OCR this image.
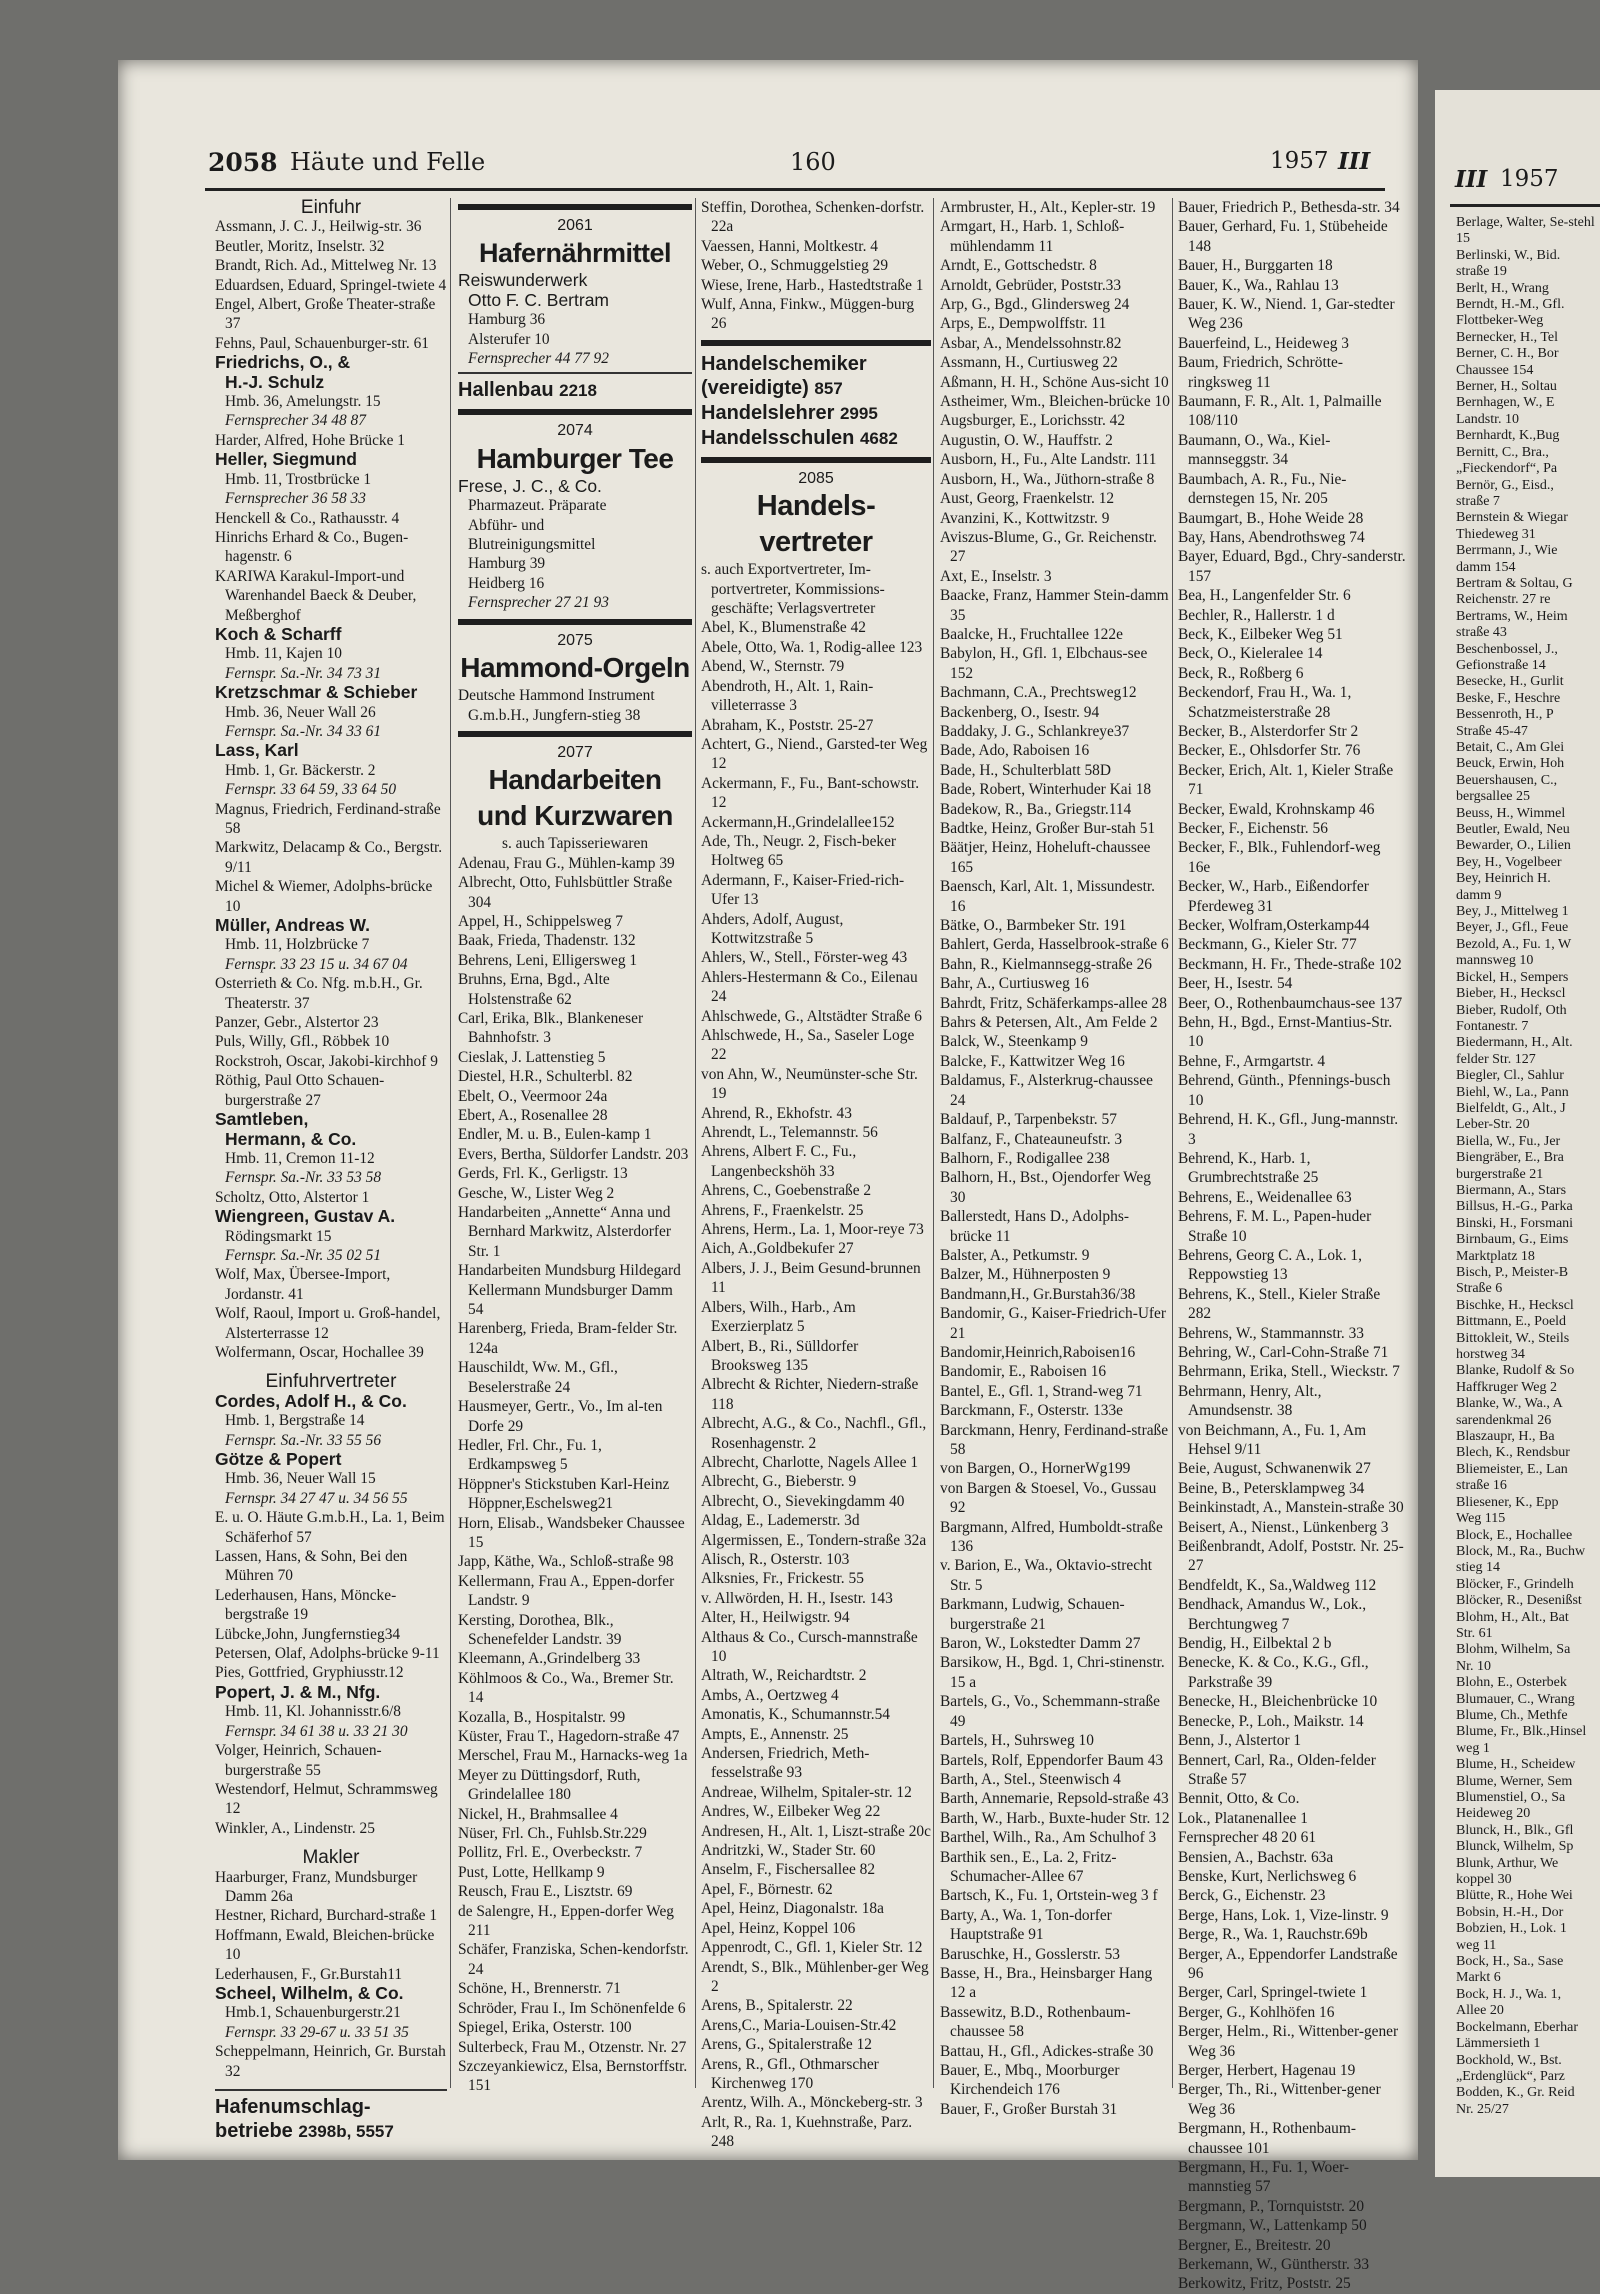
2058 Häute und Felle	160	1957 III
III 1957

Einfuhr

Assmann, J. C. J., Heilwig-str. 36

Beutler, Moritz, Inselstr. 32

Brandt, Rich. Ad., Mittelweg Nr. 13

Eduardsen, Eduard, Springel-twiete 4

Engel, Albert, Große Theater-straße 37

Fehns, Paul, Schauenburger-str. 61

Friedrichs, O., &

H.-J. Schulz

Hmb. 36, Amelungstr. 15

Fernsprecher 34 48 87

Harder, Alfred, Hohe Brücke 1

Heller, Siegmund

Hmb. 11, Trostbrücke 1

Fernsprecher 36 58 33

Henckell & Co., Rathausstr. 4

Hinrichs Erhard & Co., Bugen-hagenstr. 6

KARIWA Karakul-Import-und Warenhandel Baeck & Deuber, Meßberghof

Koch & Scharff

Hmb. 11, Kajen 10

Fernspr. Sa.-Nr. 34 73 31

Kretzschmar & Schieber

Hmb. 36, Neuer Wall 26

Fernspr. Sa.-Nr. 34 33 61

Lass, Karl

Hmb. 1, Gr. Bäckerstr. 2

Fernspr. 33 64 59, 33 64 50

Magnus, Friedrich, Ferdinand-straße 58

Markwitz, Delacamp & Co., Bergstr. 9/11

Michel & Wiemer, Adolphs-brücke 10

Müller, Andreas W.

Hmb. 11, Holzbrücke 7

Fernspr. 33 23 15 u. 34 67 04

Osterrieth & Co. Nfg. m.b.H., Gr. Theaterstr. 37

Panzer, Gebr., Alstertor 23

Puls, Willy, Gfl., Röbbek 10

Rockstroh, Oscar, Jakobi-kirchhof 9

Röthig, Paul Otto Schauen-burgerstraße 27

Samtleben,

Hermann, & Co.

Hmb. 11, Cremon 11-12

Fernspr. Sa.-Nr. 33 53 58

Scholtz, Otto, Alstertor 1

Wiengreen, Gustav A.

Rödingsmarkt 15

Fernspr. Sa.-Nr. 35 02 51

Wolf, Max, Übersee-Import, Jordanstr. 41

Wolf, Raoul, Import u. Groß-handel, Alsterterrasse 12

Wolfermann, Oscar, Hochallee 39

Einfuhrvertreter

Cordes, Adolf H., & Co.

Hmb. 1, Bergstraße 14

Fernspr. Sa.-Nr. 33 55 56

Götze & Popert

Hmb. 36, Neuer Wall 15

Fernspr. 34 27 47 u. 34 56 55

E. u. O. Häute G.m.b.H., La. 1, Beim Schäferhof 57

Lassen, Hans, & Sohn, Bei den Mühren 70

Lederhausen, Hans, Möncke-bergstraße 19

Lübcke,John, Jungfernstieg34

Petersen, Olaf, Adolphs-brücke 9-11

Pies, Gottfried, Gryphiusstr.12

Popert, J. & M., Nfg.

Hmb. 11, Kl. Johannisstr.6/8

Fernspr. 34 61 38 u. 33 21 30

Volger, Heinrich, Schauen-burgerstraße 55

Westendorf, Helmut, Schrammsweg 12

Winkler, A., Lindenstr. 25

Makler

Haarburger, Franz, Mundsburger Damm 26a

Hestner, Richard, Burchard-straße 1

Hoffmann, Ewald, Bleichen-brücke 10

Lederhausen, F., Gr.Burstah11

Scheel, Wilhelm, & Co.

Hmb.1, Schauenburgerstr.21

Fernspr. 33 29-67 u. 33 51 35

Scheppelmann, Heinrich, Gr. Burstah 32

Hafenumschlag-

betriebe 2398b, 5557

2061

Hafernährmittel

Reiswunderwerk

Otto F. C. Bertram

Hamburg 36

Alsterufer 10

Fernsprecher 44 77 92

Hallenbau 2218

2074

Hamburger Tee

Frese, J. C., & Co.

Pharmazeut. Präparate

Abführ- und

Blutreinigungsmittel

Hamburg 39

Heidberg 16

Fernsprecher 27 21 93

2075

Hammond-Orgeln

Deutsche Hammond Instrument G.m.b.H., Jungfern-stieg 38

2077

Handarbeiten

und Kurzwaren

s. auch Tapisseriewaren

Adenau, Frau G., Mühlen-kamp 39

Albrecht, Otto, Fuhlsbüttler Straße 304

Appel, H., Schippelsweg 7

Baak, Frieda, Thadenstr. 132

Behrens, Leni, Elligersweg 1

Bruhns, Erna, Bgd., Alte Holstenstraße 62

Carl, Erika, Blk., Blankeneser Bahnhofstr. 3

Cieslak, J. Lattenstieg 5

Diestel, H.R., Schulterbl. 82

Ebelt, O., Veermoor 24a

Ebert, A., Rosenallee 28

Endler, M. u. B., Eulen-kamp 1

Evers, Bertha, Süldorfer Landstr. 203

Gerds, Frl. K., Gerligstr. 13

Gesche, W., Lister Weg 2

Handarbeiten „Annette“ Anna und Bernhard Markwitz, Alsterdorfer Str. 1

Handarbeiten Mundsburg Hildegard Kellermann Mundsburger Damm 54

Harenberg, Frieda, Bram-felder Str. 124a

Hauschildt, Ww. M., Gfl., Beselerstraße 24

Hausmeyer, Gertr., Vo., Im al-ten Dorfe 29

Hedler, Frl. Chr., Fu. 1, Erdkampsweg 5

Höppner's Stickstuben Karl-Heinz Höppner,Eschelsweg21

Horn, Elisab., Wandsbeker Chaussee 15

Japp, Käthe, Wa., Schloß-straße 98

Kellermann, Frau A., Eppen-dorfer Landstr. 9

Kersting, Dorothea, Blk., Schenefelder Landstr. 39

Kleemann, A.,Grindelberg 33

Köhlmoos & Co., Wa., Bremer Str. 14

Kozalla, B., Hospitalstr. 99

Küster, Frau T., Hagedorn-straße 47

Merschel, Frau M., Harnacks-weg 1a

Meyer zu Düttingsdorf, Ruth, Grindelallee 180

Nickel, H., Brahmsallee 4

Nüser, Frl. Ch., Fuhlsb.Str.229

Pollitz, Frl. E., Overbeckstr. 7

Pust, Lotte, Hellkamp 9

Reusch, Frau E., Lisztstr. 69

de Salengre, H., Eppen-dorfer Weg 211

Schäfer, Franziska, Schen-kendorfstr. 24

Schöne, H., Brennerstr. 71

Schröder, Frau I., Im Schönenfelde 6

Spiegel, Erika, Osterstr. 100

Sulterbeck, Frau M., Otzenstr. Nr. 27

Szczeyankiewicz, Elsa, Bernstorffstr. 151

Steffin, Dorothea, Schenken-dorfstr. 22a

Vaessen, Hanni, Moltkestr. 4

Weber, O., Schmuggelstieg 29

Wiese, Irene, Harb., Hastedtstraße 1

Wulf, Anna, Finkw., Müggen-burg 26

Handelschemiker

(vereidigte) 857

Handelslehrer 2995

Handelsschulen 4682

2085

Handels-

vertreter

s. auch Exportvertreter, Im-portvertreter, Kommissions-geschäfte; Verlagsvertreter

Abel, K., Blumenstraße 42

Abele, Otto, Wa. 1, Rodig-allee 123

Abend, W., Sternstr. 79

Abendroth, H., Alt. 1, Rain-villeterrasse 3

Abraham, K., Poststr. 25-27

Achtert, G., Niend., Garsted-ter Weg 12

Ackermann, F., Fu., Bant-schowstr. 12

Ackermann,H.,Grindelallee152

Ade, Th., Neugr. 2, Fisch-beker Holtweg 65

Adermann, F., Kaiser-Fried-rich-Ufer 13

Ahders, Adolf, August, Kottwitzstraße 5

Ahlers, W., Stell., Förster-weg 43

Ahlers-Hestermann & Co., Eilenau 24

Ahlschwede, G., Altstädter Straße 6

Ahlschwede, H., Sa., Saseler Loge 22

von Ahn, W., Neumünster-sche Str. 19

Ahrend, R., Ekhofstr. 43

Ahrendt, L., Telemannstr. 56

Ahrens, Albert F. C., Fu., Langenbeckshöh 33

Ahrens, C., Goebenstraße 2

Ahrens, F., Fraenkelstr. 25

Ahrens, Herm., La. 1, Moor-reye 73

Aich, A.,Goldbekufer 27

Albers, J. J., Beim Gesund-brunnen 11

Albers, Wilh., Harb., Am Exerzierplatz 5

Albert, B., Ri., Sülldorfer Brooksweg 135

Albrecht & Richter, Niedern-straße 118

Albrecht, A.G., & Co., Nachfl., Gfl., Rosenhagenstr. 2

Albrecht, Charlotte, Nagels Allee 1

Albrecht, G., Bieberstr. 9

Albrecht, O., Sievekingdamm 40

Aldag, E., Lademerstr. 3d

Algermissen, E., Tondern-straße 32a

Alisch, R., Osterstr. 103

Alksnies, Fr., Frickestr. 55

v. Allwörden, H. H., Isestr. 143

Alter, H., Heilwigstr. 94

Althaus & Co., Cursch-mannstraße 10

Altrath, W., Reichardtstr. 2

Ambs, A., Oertzweg 4

Amonatis, K., Schumannstr.54

Ampts, E., Annenstr. 25

Andersen, Friedrich, Meth-fesselstraße 93

Andreae, Wilhelm, Spitaler-str. 12

Andres, W., Eilbeker Weg 22

Andresen, H., Alt. 1, Liszt-straße 20c

Andritzki, W., Stader Str. 60

Anselm, F., Fischersallee 82

Apel, F., Börnestr. 62

Apel, Heinz, Diagonalstr. 18a

Apel, Heinz, Koppel 106

Appenrodt, C., Gfl. 1, Kieler Str. 12

Arendt, S., Blk., Mühlenber-ger Weg 2

Arens, B., Spitalerstr. 22

Arens,C., Maria-Louisen-Str.42

Arens, G., Spitalerstraße 12

Arens, R., Gfl., Othmarscher Kirchenweg 170

Arentz, Wilh. A., Mönckeberg-str. 3

Arlt, R., Ra. 1, Kuehnstraße, Parz. 248

Armbruster, H., Alt., Kepler-str. 19

Armgart, H., Harb. 1, Schloß-mühlendamm 11

Arndt, E., Gottschedstr. 8

Arnoldt, Gebrüder, Poststr.33

Arp, G., Bgd., Glindersweg 24

Arps, E., Dempwolffstr. 11

Asbar, A., Mendelssohnstr.82

Assmann, H., Curtiusweg 22

Aßmann, H. H., Schöne Aus-sicht 10

Astheimer, Wm., Bleichen-brücke 10

Augsburger, E., Lorichsstr. 42

Augustin, O. W., Hauffstr. 2

Ausborn, H., Fu., Alte Landstr. 111

Ausborn, H., Wa., Jüthorn-straße 8

Aust, Georg, Fraenkelstr. 12

Avanzini, K., Kottwitzstr. 9

Aviszus-Blume, G., Gr. Reichenstr. 27

Axt, E., Inselstr. 3

Baacke, Franz, Hammer Stein-damm 35

Baalcke, H., Fruchtallee 122e

Babylon, H., Gfl. 1, Elbchaus-see 152

Bachmann, C.A., Prechtsweg12

Backenberg, O., Isestr. 94

Baddaky, J. G., Schlankreye37

Bade, Ado, Raboisen 16

Bade, H., Schulterblatt 58D

Bade, Robert, Winterhuder Kai 18

Badekow, R., Ba., Griegstr.114

Badtke, Heinz, Großer Bur-stah 51

Bäätjer, Heinz, Hoheluft-chaussee 165

Baensch, Karl, Alt. 1, Missundestr. 16

Bätke, O., Barmbeker Str. 191

Bahlert, Gerda, Hasselbrook-straße 6

Bahn, R., Kielmannsegg-straße 26

Bahr, A., Curtiusweg 16

Bahrdt, Fritz, Schäferkamps-allee 28

Bahrs & Petersen, Alt., Am Felde 2

Balck, W., Steenkamp 9

Balcke, F., Kattwitzer Weg 16

Baldamus, F., Alsterkrug-chaussee 24

Baldauf, P., Tarpenbekstr. 57

Balfanz, F., Chateauneufstr. 3

Balhorn, F., Rodigallee 238

Balhorn, H., Bst., Ojendorfer Weg 30

Ballerstedt, Hans D., Adolphs-brücke 11

Balster, A., Petkumstr. 9

Balzer, M., Hühnerposten 9

Bandmann,H., Gr.Burstah36/38

Bandomir, G., Kaiser-Friedrich-Ufer 21

Bandomir,Heinrich,Raboisen16

Bandomir, E., Raboisen 16

Bantel, E., Gfl. 1, Strand-weg 71

Barckmann, F., Osterstr. 133e

Barckmann, Henry, Ferdinand-straße 58

von Bargen, O., HornerWg199

von Bargen & Stoesel, Vo., Gussau 92

Bargmann, Alfred, Humboldt-straße 136

v. Barion, E., Wa., Oktavio-strecht Str. 5

Barkmann, Ludwig, Schauen-burgerstraße 21

Baron, W., Lokstedter Damm 27

Barsikow, H., Bgd. 1, Chri-stinenstr. 15 a

Bartels, G., Vo., Schemmann-straße 49

Bartels, H., Suhrsweg 10

Bartels, Rolf, Eppendorfer Baum 43

Barth, A., Stel., Steenwisch 4

Barth, Annemarie, Repsold-straße 43

Barth, W., Harb., Buxte-huder Str. 12

Barthel, Wilh., Ra., Am Schulhof 3

Barthik sen., E., La. 2, Fritz-Schumacher-Allee 67

Bartsch, K., Fu. 1, Ortstein-weg 3 f

Barty, A., Wa. 1, Ton-dorfer Hauptstraße 91

Baruschke, H., Gosslerstr. 53

Basse, H., Bra., Heinsbarger Hang 12 a

Bassewitz, B.D., Rothenbaum-chaussee 58

Battau, H., Gfl., Adickes-straße 30

Bauer, E., Mbq., Moorburger Kirchendeich 176

Bauer, F., Großer Burstah 31

Bauer, Friedrich P., Bethesda-str. 34

Bauer, Gerhard, Fu. 1, Stübeheide 148

Bauer, H., Burggarten 18

Bauer, K., Wa., Rahlau 13

Bauer, K. W., Niend. 1, Gar-stedter Weg 236

Bauerfeind, L., Heideweg 3

Baum, Friedrich, Schrötte-ringksweg 11

Baumann, F. R., Alt. 1, Palmaille 108/110

Baumann, O., Wa., Kiel-mannseggstr. 34

Baumbach, A. R., Fu., Nie-dernstegen 15, Nr. 205

Baumgart, B., Hohe Weide 28

Bay, Hans, Abendrothsweg 74

Bayer, Eduard, Bgd., Chry-sanderstr. 157

Bea, H., Langenfelder Str. 6

Bechler, R., Hallerstr. 1 d

Beck, K., Eilbeker Weg 51

Beck, O., Kieleralee 14

Beck, R., Roßberg 6

Beckendorf, Frau H., Wa. 1, Schatzmeisterstraße 28

Becker, B., Alsterdorfer Str 2

Becker, E., Ohlsdorfer Str. 76

Becker, Erich, Alt. 1, Kieler Straße 71

Becker, Ewald, Krohnskamp 46

Becker, F., Eichenstr. 56

Becker, F., Blk., Fuhlendorf-weg 16e

Becker, W., Harb., Eißendorfer Pferdeweg 31

Becker, Wolfram,Osterkamp44

Beckmann, G., Kieler Str. 77

Beckmann, H. Fr., Thede-straße 102

Beer, H., Isestr. 54

Beer, O., Rothenbaumchaus-see 137

Behn, H., Bgd., Ernst-Mantius-Str. 10

Behne, F., Armgartstr. 4

Behrend, Günth., Pfennings-busch 10

Behrend, H. K., Gfl., Jung-mannstr. 3

Behrend, K., Harb. 1, Grumbrechtstraße 25

Behrens, E., Weidenallee 63

Behrens, F. M. L., Papen-huder Straße 10

Behrens, Georg C. A., Lok. 1, Reppowstieg 13

Behrens, K., Stell., Kieler Straße 282

Behrens, W., Stammannstr. 33

Behring, W., Carl-Cohn-Straße 71

Behrmann, Erika, Stell., Wieckstr. 7

Behrmann, Henry, Alt., Amundsenstr. 38

von Beichmann, A., Fu. 1, Am Hehsel 9/11

Beie, August, Schwanenwik 27

Beine, B., Petersklampweg 34

Beinkinstadt, A., Manstein-straße 30

Beisert, A., Nienst., Lünkenberg 3

Beißenbrandt, Adolf, Poststr. Nr. 25-27

Bendfeldt, K., Sa.,Waldweg 112

Bendhack, Amandus W., Lok., Berchtungweg 7

Bendig, H., Eilbektal 2 b

Benecke, K. & Co., K.G., Gfl., Parkstraße 39

Benecke, H., Bleichenbrücke 10

Benecke, P., Loh., Maikstr. 14

Benn, J., Alstertor 1

Bennert, Carl, Ra., Olden-felder Straße 57

Bennit, Otto, & Co.

Lok., Platanenallee 1

Fernsprecher 48 20 61

Bensien, A., Bachstr. 63a

Benske, Kurt, Nerlichsweg 6

Berck, G., Eichenstr. 23

Berge, Hans, Lok. 1, Vize-linstr. 9

Berge, R., Wa. 1, Rauchstr.69b

Berger, A., Eppendorfer Landstraße 96

Berger, Carl, Springel-twiete 1

Berger, G., Kohlhöfen 16

Berger, Helm., Ri., Wittenber-gener Weg 36

Berger, Herbert, Hagenau 19

Berger, Th., Ri., Wittenber-gener Weg 36

Bergmann, H., Rothenbaum-chaussee 101

Bergmann, H., Fu. 1, Woer-mannstieg 57

Bergmann, P., Tornquiststr. 20

Bergmann, W., Lattenkamp 50

Bergner, E., Breitestr. 20

Berkemann, W., Güntherstr. 33

Berkowitz, Fritz, Poststr. 25

Berlage, Walter, Se-stehl 15

Berlinski, W., Bid.

straße 19

Berlt, H., Wrang

Berndt, H.-M., Gfl.

Flottbeker-Weg

Bernecker, H., Tel

Berner, C. H., Bor

Chaussee 154

Berner, H., Soltau

Bernhagen, W., E

Landstr. 10

Bernhardt, K.,Bug

Bernitt, C., Bra.,

„Fieckendorf“, Pa

Bernör, G., Eisd.,

straße 7

Bernstein & Wiegar

Thiedeweg 31

Berrmann, J., Wie

damm 154

Bertram & Soltau, G

Reichenstr. 27 re

Bertrams, W., Heim

straße 43

Beschenbossel, J.,

Gefionstraße 14

Besecke, H., Gurlit

Beske, F., Heschre

Bessenroth, H., P

Straße 45-47

Betait, C., Am Glei

Beuck, Erwin, Hoh

Beuershausen, C.,

bergsallee 25

Beuss, H., Wimmel

Beutler, Ewald, Neu

Bewarder, O., Lilien

Bey, H., Vogelbeer

Bey, Heinrich H.

damm 9

Bey, J., Mittelweg 1

Beyer, J., Gfl., Feue

Bezold, A., Fu. 1, W

mannsweg 10

Bickel, H., Sempers

Bieber, H., Heckscl

Bieber, Rudolf, Oth

Fontanestr. 7

Biedermann, H., Alt.

felder Str. 127

Biegler, Cl., Sahlur

Biehl, W., La., Pann

Bielfeldt, G., Alt., J

Leber-Str. 20

Biella, W., Fu., Jer

Biengräber, E., Bra

burgerstraße 21

Biermann, A., Stars

Billsus, H.-G., Parka

Binski, H., Forsmani

Birnbaum, G., Eims

Marktplatz 18

Bisch, P., Meister-B

Straße 6

Bischke, H., Heckscl

Bittmann, E., Poeld

Bittokleit, W., Steils

horstweg 34

Blanke, Rudolf & So

Haffkruger Weg 2

Blanke, W., Wa., A

sarendenkmal 26

Blaszaupr, H., Ba

Blech, K., Rendsbur

Bliemeister, E., Lan

straße 16

Bliesener, K., Epp

Weg 115

Block, E., Hochallee

Block, M., Ra., Buchw

stieg 14

Blöcker, F., Grindelh

Blöcker, R., Desenißst

Blohm, H., Alt., Bat

Str. 61

Blohm, Wilhelm, Sa

Nr. 10

Blohn, E., Osterbek

Blumauer, C., Wrang

Blume, Ch., Methfe

Blume, Fr., Blk.,Hinsel

weg 1

Blume, H., Scheidew

Blume, Werner, Sem

Blumenstiel, O., Sa

Heideweg 20

Blunck, H., Blk., Gfl

Blunck, Wilhelm, Sp

Blunk, Arthur, We

koppel 30

Blütte, R., Hohe Wei

Bobsin, H.-H., Dor

Bobzien, H., Lok. 1

weg 11

Bock, H., Sa., Sase

Markt 6

Bock, H. J., Wa. 1,

Allee 20

Bockelmann, Eberhar

Lämmersieth 1

Bockhold, W., Bst.

„Erdenglück“, Parz

Bodden, K., Gr. Reid

Nr. 25/27
